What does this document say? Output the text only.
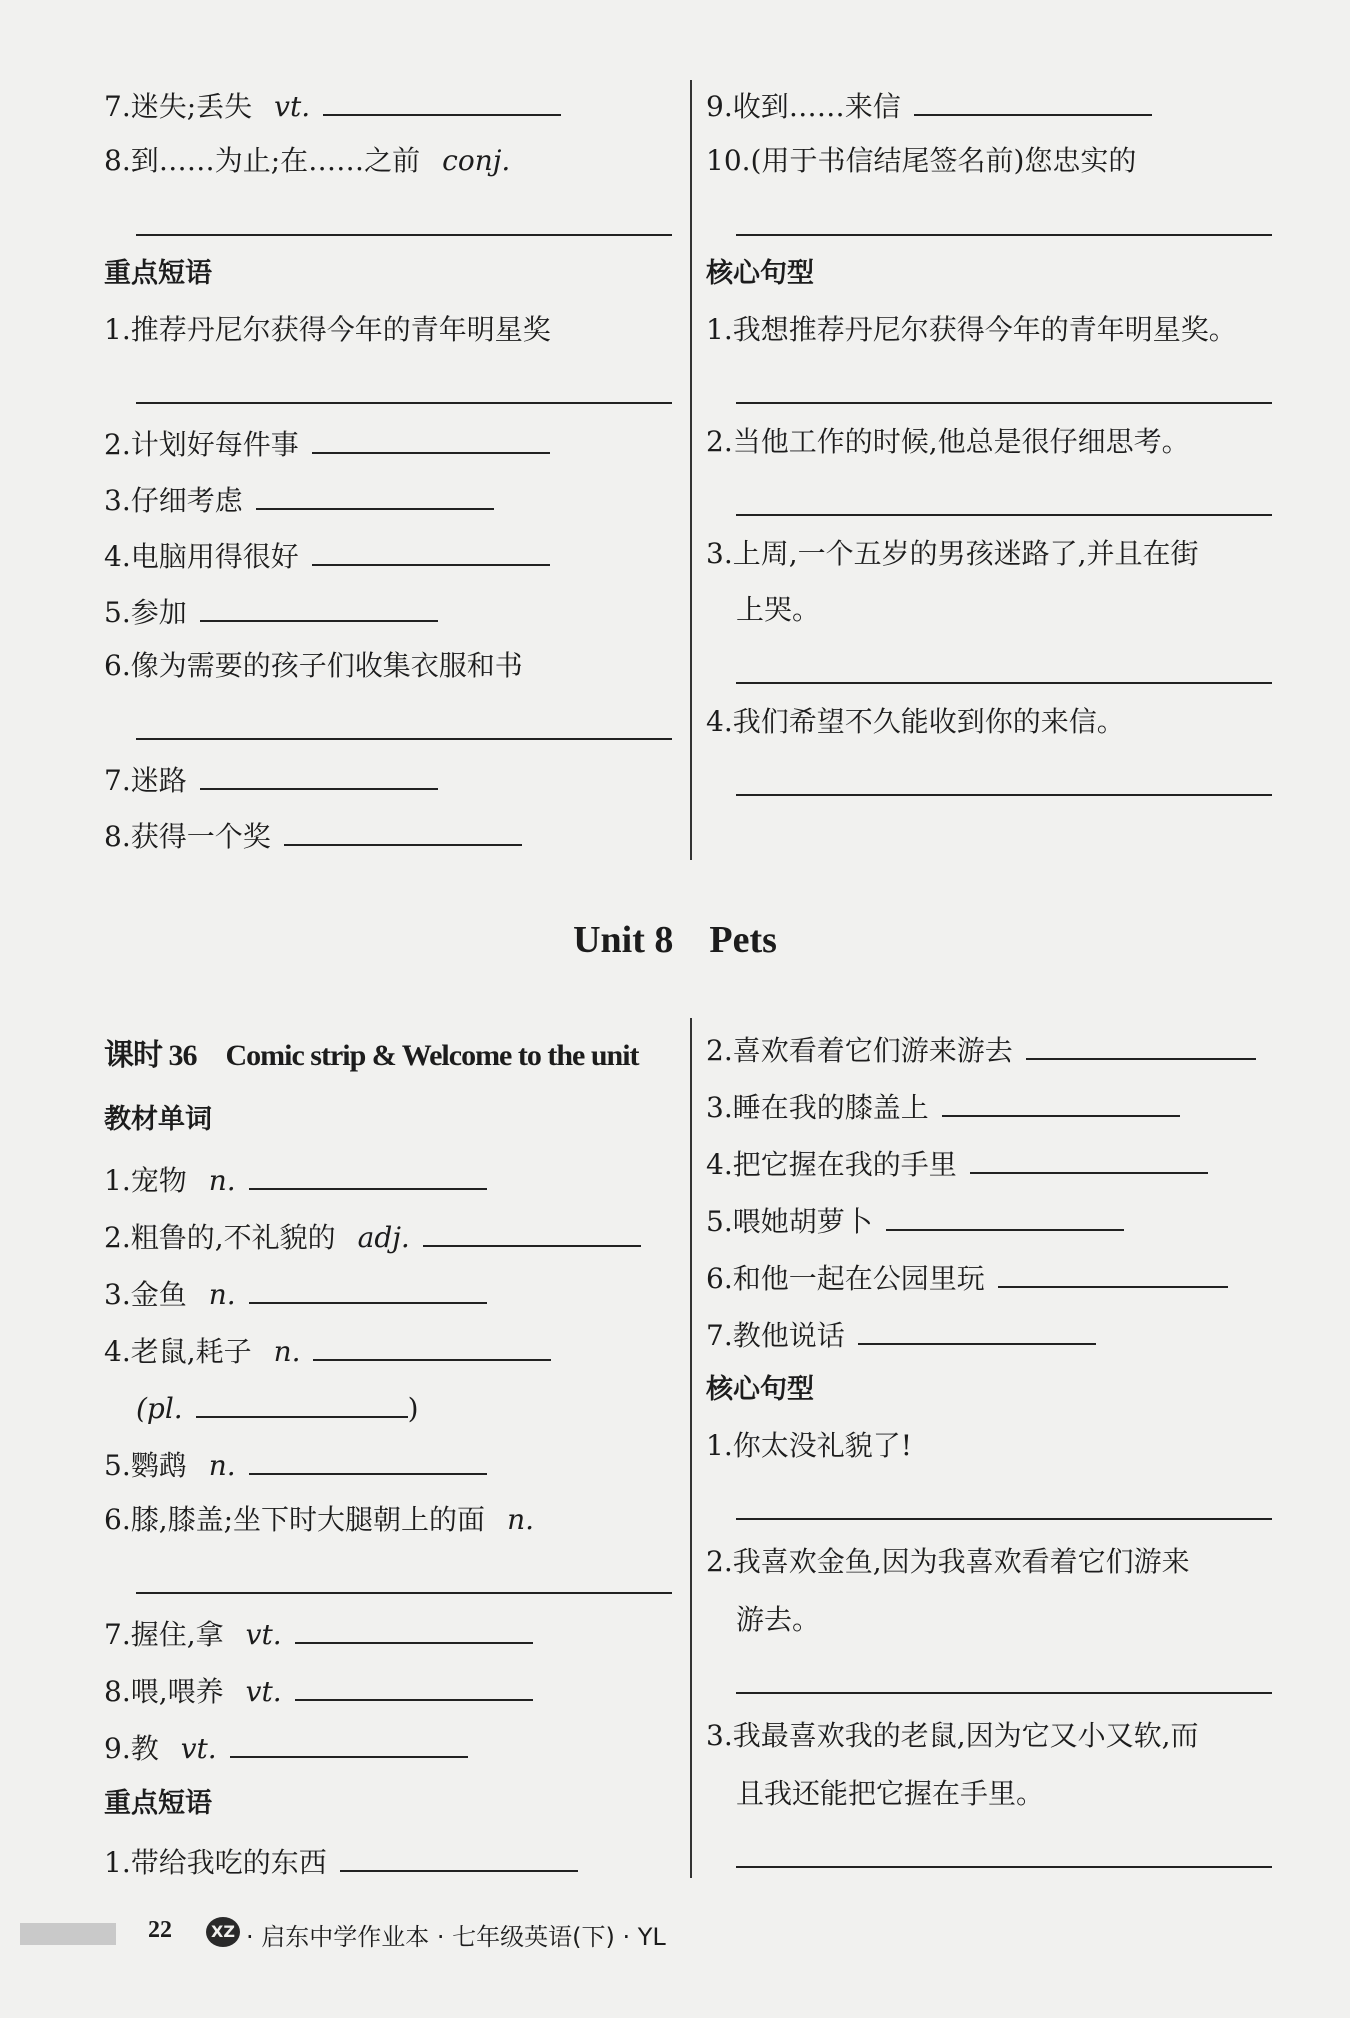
7.迷失;丢失 vt.
8.到……为止;在……之前 conj.
重点短语
1.推荐丹尼尔获得今年的青年明星奖
2.计划好每件事
3.仔细考虑
4.电脑用得很好
5.参加
6.像为需要的孩子们收集衣服和书
7.迷路
8.获得一个奖
9.收到……来信
10.(用于书信结尾签名前)您忠实的
核心句型
1.我想推荐丹尼尔获得今年的青年明星奖。
2.当他工作的时候,他总是很仔细思考。
3.上周,一个五岁的男孩迷路了,并且在街
上哭。
4.我们希望不久能收到你的来信。
Unit 8 Pets
课时 36　Comic strip & Welcome to the unit
教材单词
1.宠物 n.
2.粗鲁的,不礼貌的 adj.
3.金鱼 n.
4.老鼠,耗子 n.
(pl.	)
5.鹦鹉 n.
6.膝,膝盖;坐下时大腿朝上的面 n.
7.握住,拿 vt.
8.喂,喂养 vt.
9.教 vt.
重点短语
1.带给我吃的东西
2.喜欢看着它们游来游去
3.睡在我的膝盖上
4.把它握在我的手里
5.喂她胡萝卜
6.和他一起在公园里玩
7.教他说话
核心句型
1.你太没礼貌了!
2.我喜欢金鱼,因为我喜欢看着它们游来
游去。
3.我最喜欢我的老鼠,因为它又小又软,而
且我还能把它握在手里。
22	XZ · 启东中学作业本 · 七年级英语(下) · YL
